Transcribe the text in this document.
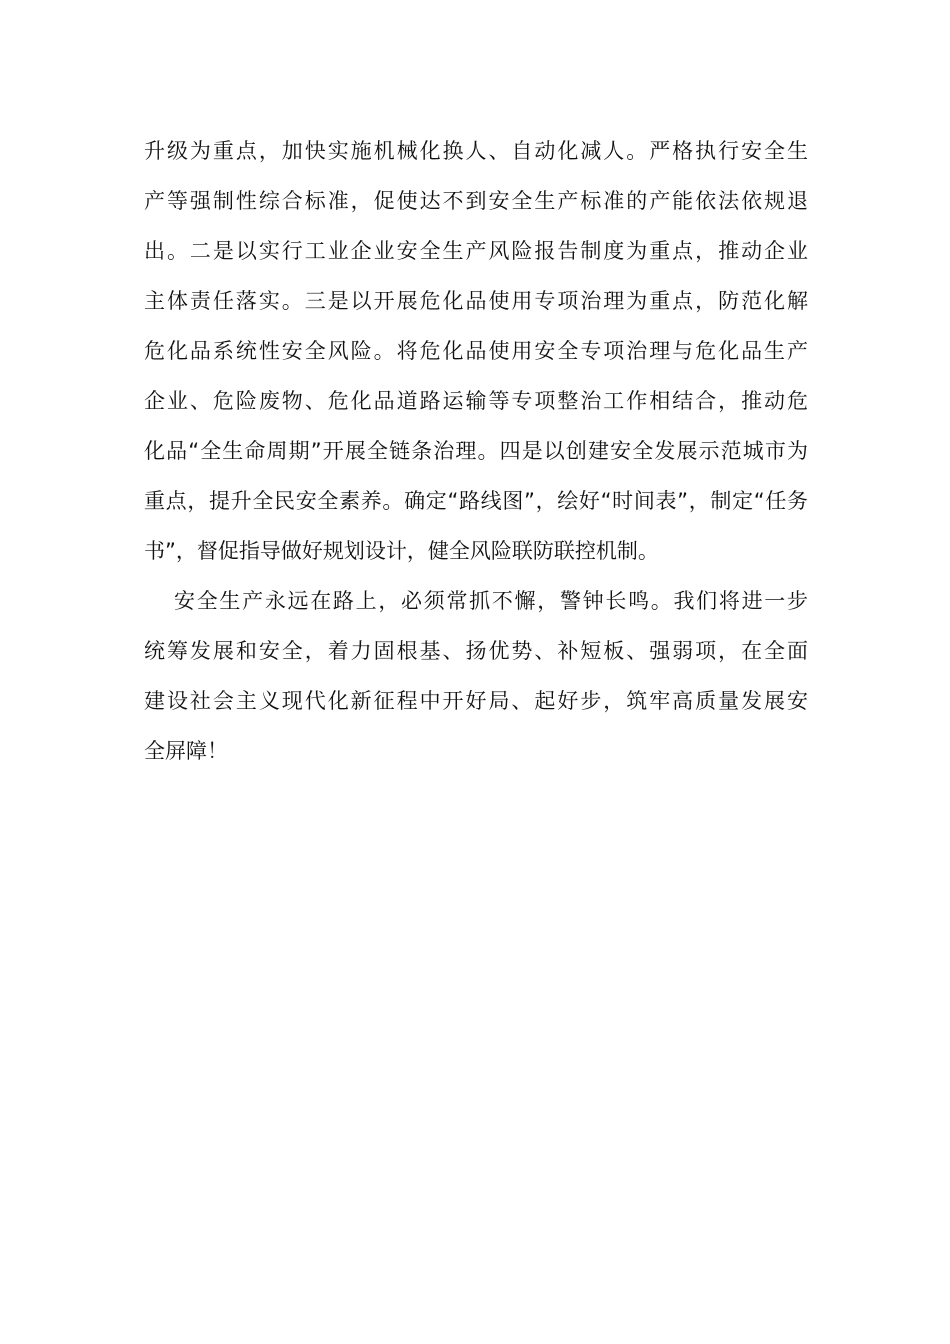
升级为重点，加快实施机械化换人、自动化减人。严格执行安全生
产等强制性综合标准，促使达不到安全生产标准的产能依法依规退
出。二是以实行工业企业安全生产风险报告制度为重点，推动企业
主体责任落实。三是以开展危化品使用专项治理为重点，防范化解
危化品系统性安全风险。将危化品使用安全专项治理与危化品生产
企业、危险废物、危化品道路运输等专项整治工作相结合，推动危
化品“全生命周期”开展全链条治理。四是以创建安全发展示范城市为
重点，提升全民安全素养。确定“路线图”，绘好“时间表”，制定“任务
书”，督促指导做好规划设计，健全风险联防联控机制。
安全生产永远在路上，必须常抓不懈，警钟长鸣。我们将进一步
统筹发展和安全，着力固根基、扬优势、补短板、强弱项，在全面
建设社会主义现代化新征程中开好局、起好步，筑牢高质量发展安
全屏障！
